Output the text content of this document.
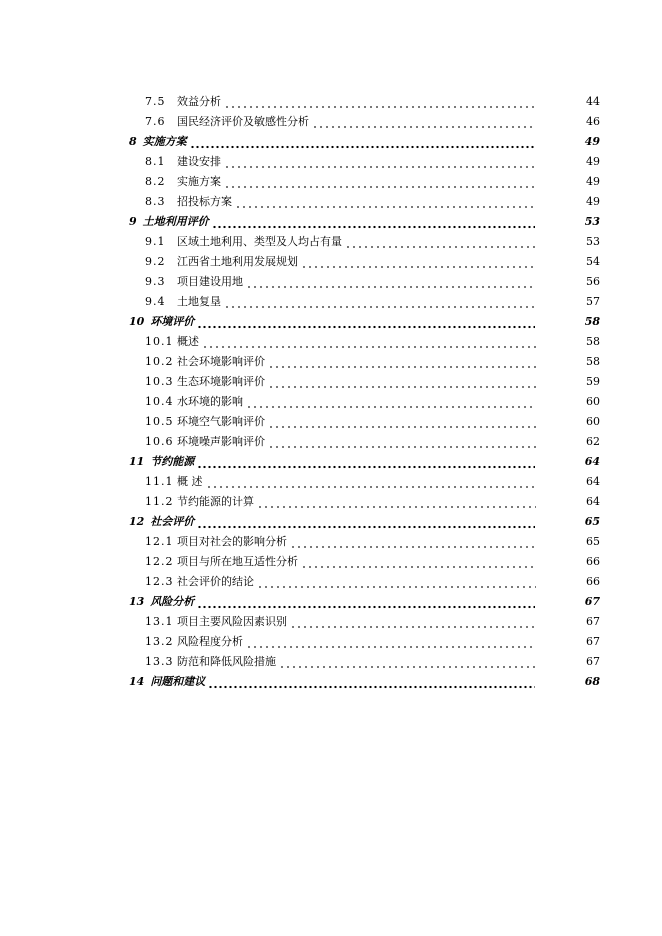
7.5	效益分析	44
7.6	国民经济评价及敏感性分析	46
8 实施方案	49
8.1	建设安排	49
8.2	实施方案	49
8.3	招投标方案	49
9 土地利用评价	53
9.1	区域土地利用、类型及人均占有量	53
9.2	江西省土地利用发展规划	54
9.3	项目建设用地	56
9.4	土地复垦	57
10 环境评价	58
10.1 概述	58
10.2 社会环境影响评价	58
10.3 生态环境影响评价	59
10.4 水环境的影响	60
10.5 环境空气影响评价	60
10.6 环境噪声影响评价	62
11 节约能源	64
11.1 概 述	64
11.2 节约能源的计算	64
12 社会评价	65
12.1 项目对社会的影响分析	65
12.2 项目与所在地互适性分析	66
12.3 社会评价的结论	66
13 风险分析	67
13.1 项目主要风险因素识别	67
13.2 风险程度分析	67
13.3 防范和降低风险措施	67
14 问题和建议	68
